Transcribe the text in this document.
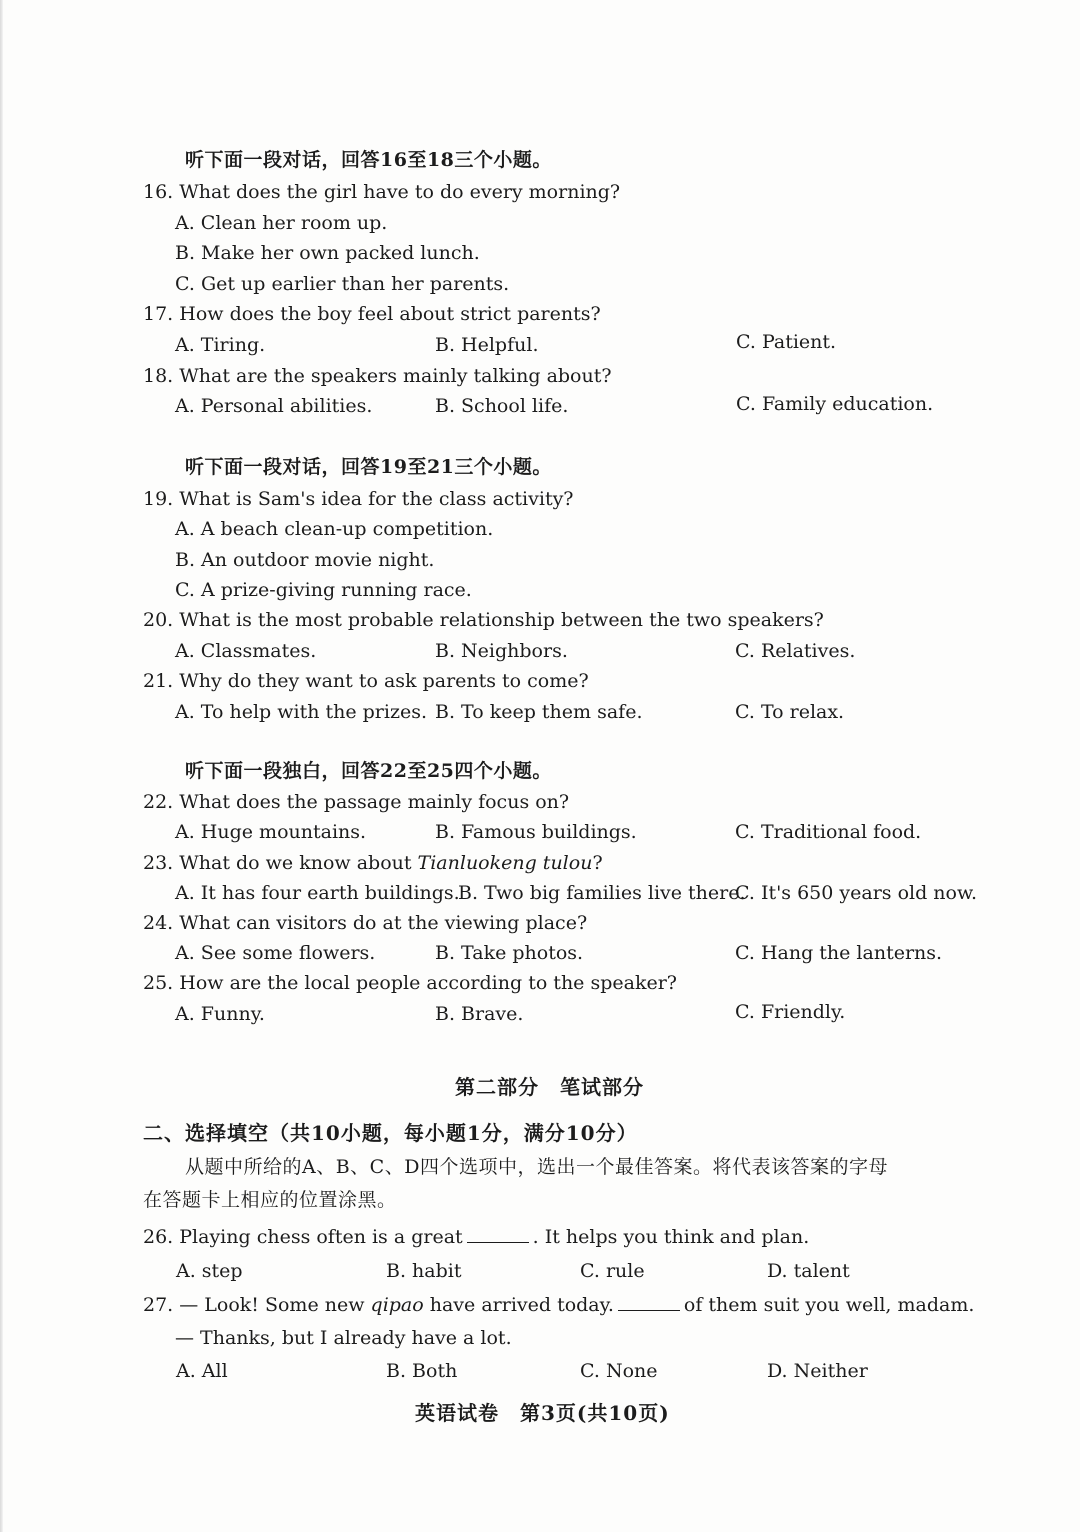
听下面一段对话，回答16至18三个小题。
16. What does the girl have to do every morning?
A. Clean her room up.
B. Make her own packed lunch.
C. Get up earlier than her parents.
17. How does the boy feel about strict parents?
A. Tiring.	B. Helpful.	C. Patient.
18. What are the speakers mainly talking about?
A. Personal abilities.	B. School life.	C. Family education.
听下面一段对话，回答19至21三个小题。
19. What is Sam's idea for the class activity?
A. A beach clean-up competition.
B. An outdoor movie night.
C. A prize-giving running race.
20. What is the most probable relationship between the two speakers?
A. Classmates.	B. Neighbors.	C. Relatives.
21. Why do they want to ask parents to come?
A. To help with the prizes. B. To keep them safe.	C. To relax.
听下面一段独白，回答22至25四个小题。
22. What does the passage mainly focus on?
A. Huge mountains.	B. Famous buildings.	C. Traditional food.
23. What do we know about Tianluokeng tulou?
A. It has four earth buildings.
B. Two big families live there.
C. It's 650 years old now.
24. What can visitors do at the viewing place?
A. See some flowers.	B. Take photos.	C. Hang the lanterns.
25. How are the local people according to the speaker?
A. Funny.	B. Brave.	C. Friendly.
第二部分　笔试部分
二、选择填空（共10小题，每小题1分，满分10分）
从题中所给的A、B、C、D四个选项中，选出一个最佳答案。将代表该答案的字母
在答题卡上相应的位置涂黑。
26. Playing chess often is a great	. It helps you think and plan.
A. step	B. habit	C. rule	D. talent
27. — Look! Some new qipao have arrived today.	of them suit you well, madam.
— Thanks, but I already have a lot.
A. All	B. Both	C. None	D. Neither
英语试卷　第3页(共10页)
